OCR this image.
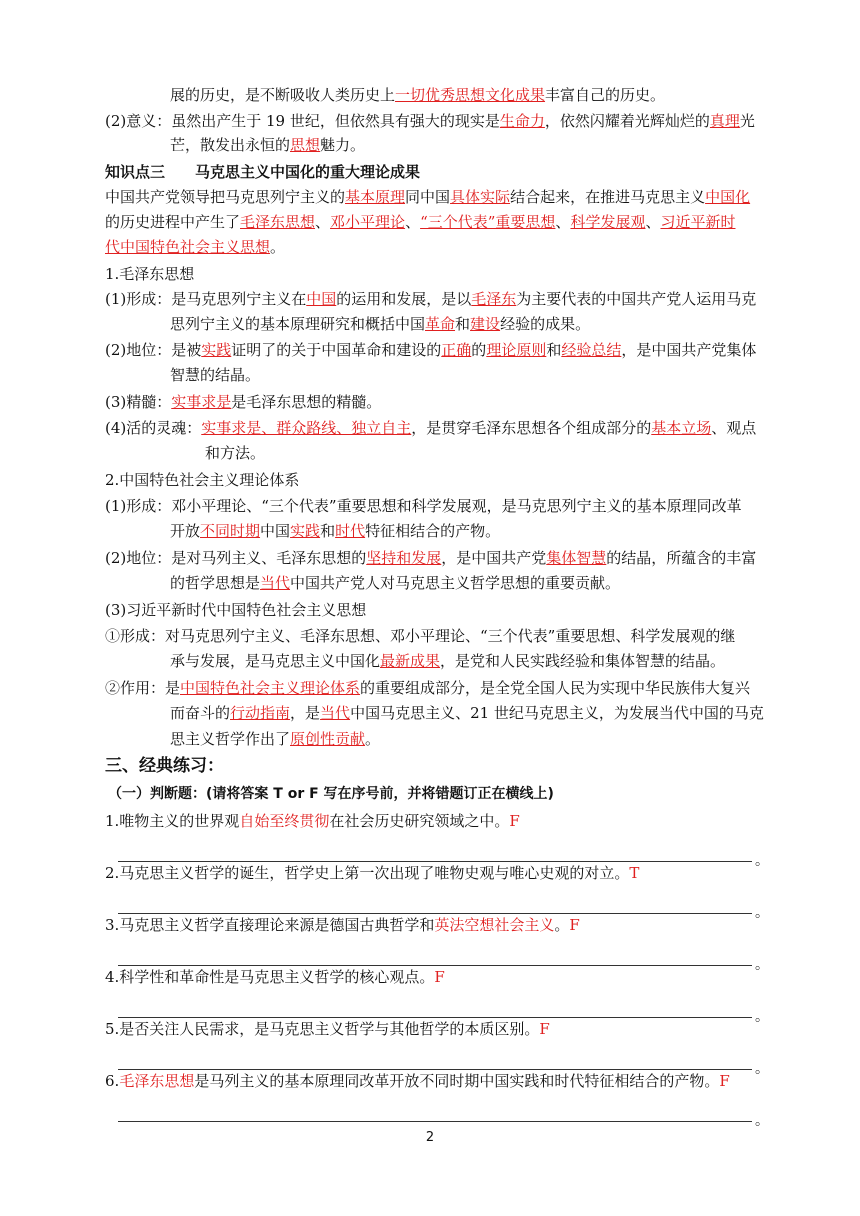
展的历史，是不断吸收人类历史上一切优秀思想文化成果丰富自己的历史。
(2)意义：虽然出产生于 19 世纪，但依然具有强大的现实是生命力，依然闪耀着光辉灿烂的真理光
芒，散发出永恒的思想魅力。
知识点三　　马克思主义中国化的重大理论成果
中国共产党领导把马克思列宁主义的基本原理同中国具体实际结合起来，在推进马克思主义中国化
的历史进程中产生了毛泽东思想、邓小平理论、“三个代表”重要思想、科学发展观、习近平新时
代中国特色社会主义思想。
1.毛泽东思想
(1)形成：是马克思列宁主义在中国的运用和发展，是以毛泽东为主要代表的中国共产党人运用马克
思列宁主义的基本原理研究和概括中国革命和建设经验的成果。
(2)地位：是被实践证明了的关于中国革命和建设的正确的理论原则和经验总结，是中国共产党集体
智慧的结晶。
(3)精髓：实事求是是毛泽东思想的精髓。
(4)活的灵魂：实事求是、群众路线、独立自主，是贯穿毛泽东思想各个组成部分的基本立场、观点
和方法。
2.中国特色社会主义理论体系
(1)形成：邓小平理论、“三个代表”重要思想和科学发展观，是马克思列宁主义的基本原理同改革
开放不同时期中国实践和时代特征相结合的产物。
(2)地位：是对马列主义、毛泽东思想的坚持和发展，是中国共产党集体智慧的结晶，所蕴含的丰富
的哲学思想是当代中国共产党人对马克思主义哲学思想的重要贡献。
(3)习近平新时代中国特色社会主义思想
①形成：对马克思列宁主义、毛泽东思想、邓小平理论、“三个代表”重要思想、科学发展观的继
承与发展，是马克思主义中国化最新成果，是党和人民实践经验和集体智慧的结晶。
②作用：是中国特色社会主义理论体系的重要组成部分，是全党全国人民为实现中华民族伟大复兴
而奋斗的行动指南，是当代中国马克思主义、21 世纪马克思主义，为发展当代中国的马克
思主义哲学作出了原创性贡献。
三、经典练习：
（一）判断题：(请将答案 T or F 写在序号前，并将错题订正在横线上)
1.唯物主义的世界观自始至终贯彻在社会历史研究领域之中。F
。
2.马克思主义哲学的诞生，哲学史上第一次出现了唯物史观与唯心史观的对立。T
。
3.马克思主义哲学直接理论来源是德国古典哲学和英法空想社会主义。F
。
4.科学性和革命性是马克思主义哲学的核心观点。F
。
5.是否关注人民需求，是马克思主义哲学与其他哲学的本质区别。F
。
6.毛泽东思想是马列主义的基本原理同改革开放不同时期中国实践和时代特征相结合的产物。F
。
2
